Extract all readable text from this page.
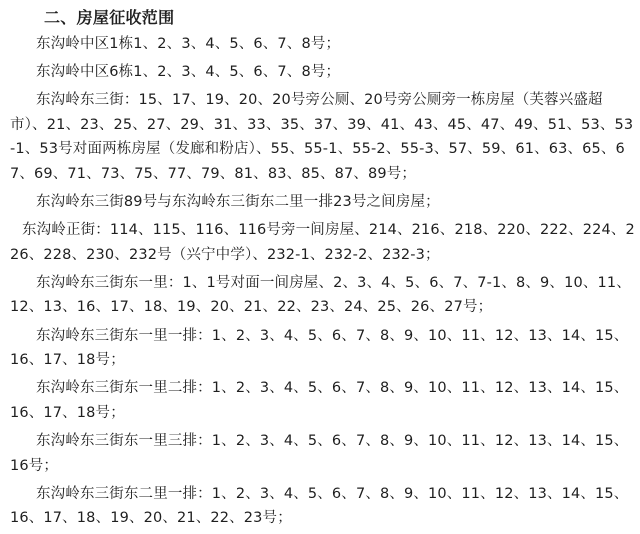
二、房屋征收范围
东沟岭中区1栋1、2、3、4、5、6、7、8号；
东沟岭中区6栋1、2、3、4、5、6、7、8号；
东沟岭东三街：15、17、19、20、20号旁公厕、20号旁公厕旁一栋房屋（芙蓉兴盛超市）、21、23、25、27、29、31、33、35、37、39、41、43、45、47、49、51、53、53-1、53号对面两栋房屋（发廊和粉店）、55、55-1、55-2、55-3、57、59、61、63、65、67、69、71、73、75、77、79、81、83、85、87、89号；
东沟岭东三街89号与东沟岭东三街东二里一排23号之间房屋；
东沟岭正街：114、115、116、116号旁一间房屋、214、216、218、220、222、224、226、228、230、232号（兴宁中学）、232-1、232-2、232-3；
东沟岭东三街东一里：1、1号对面一间房屋、2、3、4、5、6、7、7-1、8、9、10、11、12、13、16、17、18、19、20、21、22、23、24、25、26、27号；
东沟岭东三街东一里一排：1、2、3、4、5、6、7、8、9、10、11、12、13、14、15、16、17、18号；
东沟岭东三街东一里二排：1、2、3、4、5、6、7、8、9、10、11、12、13、14、15、16、17、18号；
东沟岭东三街东一里三排：1、2、3、4、5、6、7、8、9、10、11、12、13、14、15、16号；
东沟岭东三街东二里一排：1、2、3、4、5、6、7、8、9、10、11、12、13、14、15、16、17、18、19、20、21、22、23号；
